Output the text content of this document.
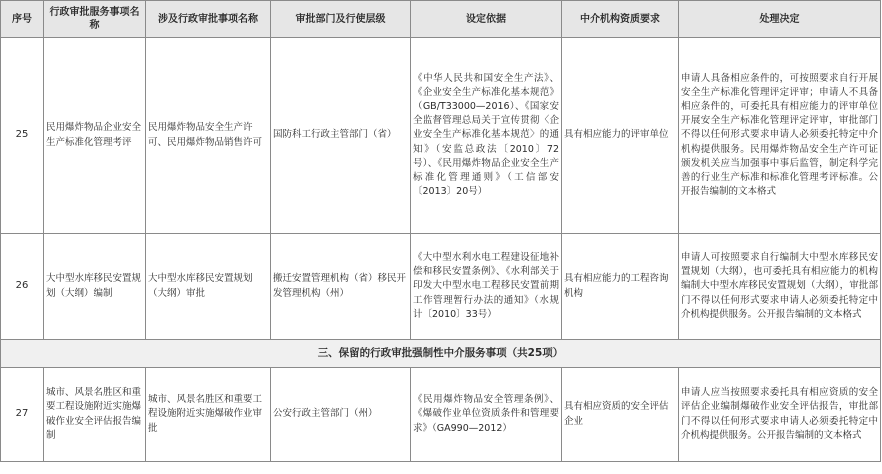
序号	行政审批服务事项名称	涉及行政审批事项名称	审批部门及行使层级	设定依据	中介机构资质要求	处理决定
25	民用爆炸物品企业安全生产标准化管理考评	民用爆炸物品安全生产许可、民用爆炸物品销售许可	国防科工行政主管部门（省）	《中华人民共和国安全生产法》、《企业安全生产标准化基本规范》（GB/T33000—2016）、《国家安全监督管理总局关于宣传贯彻〈企业安全生产标准化基本规范〉的通知》（安监总政法〔2010〕72号）、《民用爆炸物品企业安全生产标准化管理通则》（工信部安〔2013〕20号）	具有相应能力的评审单位	申请人具备相应条件的，可按照要求自行开展安全生产标准化管理评定评审；申请人不具备相应条件的，可委托具有相应能力的评审单位开展安全生产标准化管理评定评审，审批部门不得以任何形式要求申请人必须委托特定中介机构提供服务。民用爆炸物品安全生产许可证颁发机关应当加强事中事后监管，制定科学完善的行业生产标准和标准化管理考评标准。公开报告编制的文本格式
26	大中型水库移民安置规划（大纲）编制	大中型水库移民安置规划（大纲）审批	搬迁安置管理机构（省）移民开发管理机构（州）	《大中型水利水电工程建设征地补偿和移民安置条例》、《水利部关于印发大中型水电工程移民安置前期工作管理暂行办法的通知》（水规计〔2010〕33号）	具有相应能力的工程咨询机构	申请人可按照要求自行编制大中型水库移民安置规划（大纲），也可委托具有相应能力的机构编制大中型水库移民安置规划（大纲），审批部门不得以任何形式要求申请人必须委托特定中介机构提供服务。公开报告编制的文本格式
三、保留的行政审批强制性中介服务事项（共25项）						
27	城市、风景名胜区和重要工程设施附近实施爆破作业安全评估报告编制	城市、风景名胜区和重要工程设施附近实施爆破作业审批	公安行政主管部门（州）	《民用爆炸物品安全管理条例》、《爆破作业单位资质条件和管理要求》（GA990—2012）	具有相应资质的安全评估企业	申请人应当按照要求委托具有相应资质的安全评估企业编制爆破作业安全评估报告，审批部门不得以任何形式要求申请人必须委托特定中介机构提供服务。公开报告编制的文本格式
